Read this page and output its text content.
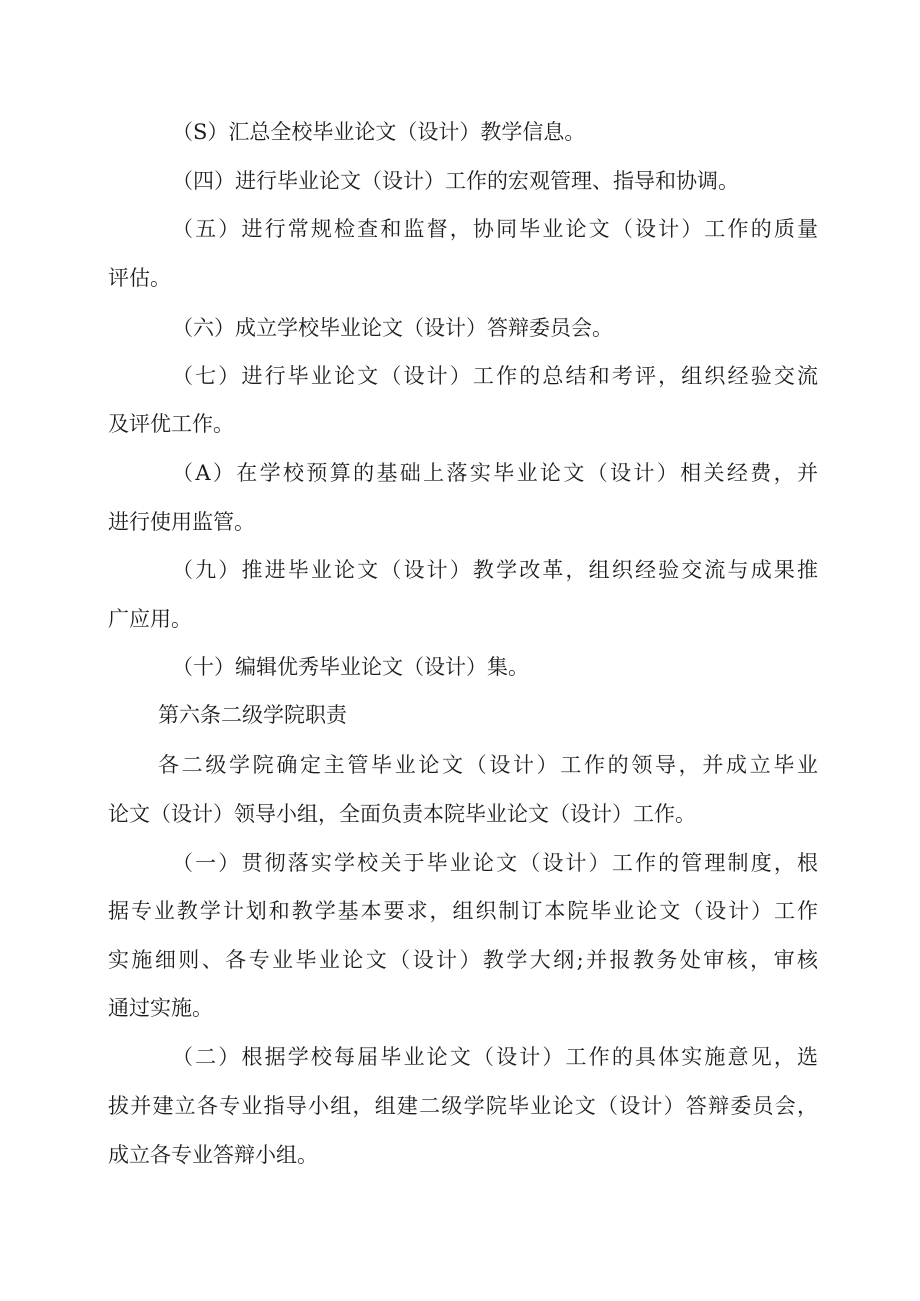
（S）汇总全校毕业论文（设计）教学信息。
（四）进行毕业论文（设计）工作的宏观管理、指导和协调。
（五）进行常规检查和监督，协同毕业论文（设计）工作的质量
评估。
（六）成立学校毕业论文（设计）答辩委员会。
（七）进行毕业论文（设计）工作的总结和考评，组织经验交流
及评优工作。
（A）在学校预算的基础上落实毕业论文（设计）相关经费，并
进行使用监管。
（九）推进毕业论文（设计）教学改革，组织经验交流与成果推
广应用。
（十）编辑优秀毕业论文（设计）集。
第六条二级学院职责
各二级学院确定主管毕业论文（设计）工作的领导，并成立毕业
论文（设计）领导小组，全面负责本院毕业论文（设计）工作。
（一）贯彻落实学校关于毕业论文（设计）工作的管理制度，根
据专业教学计划和教学基本要求，组织制订本院毕业论文（设计）工作
实施细则、各专业毕业论文（设计）教学大纲;并报教务处审核，审核
通过实施。
（二）根据学校每届毕业论文（设计）工作的具体实施意见，选
拔并建立各专业指导小组，组建二级学院毕业论文（设计）答辩委员会，
成立各专业答辩小组。
